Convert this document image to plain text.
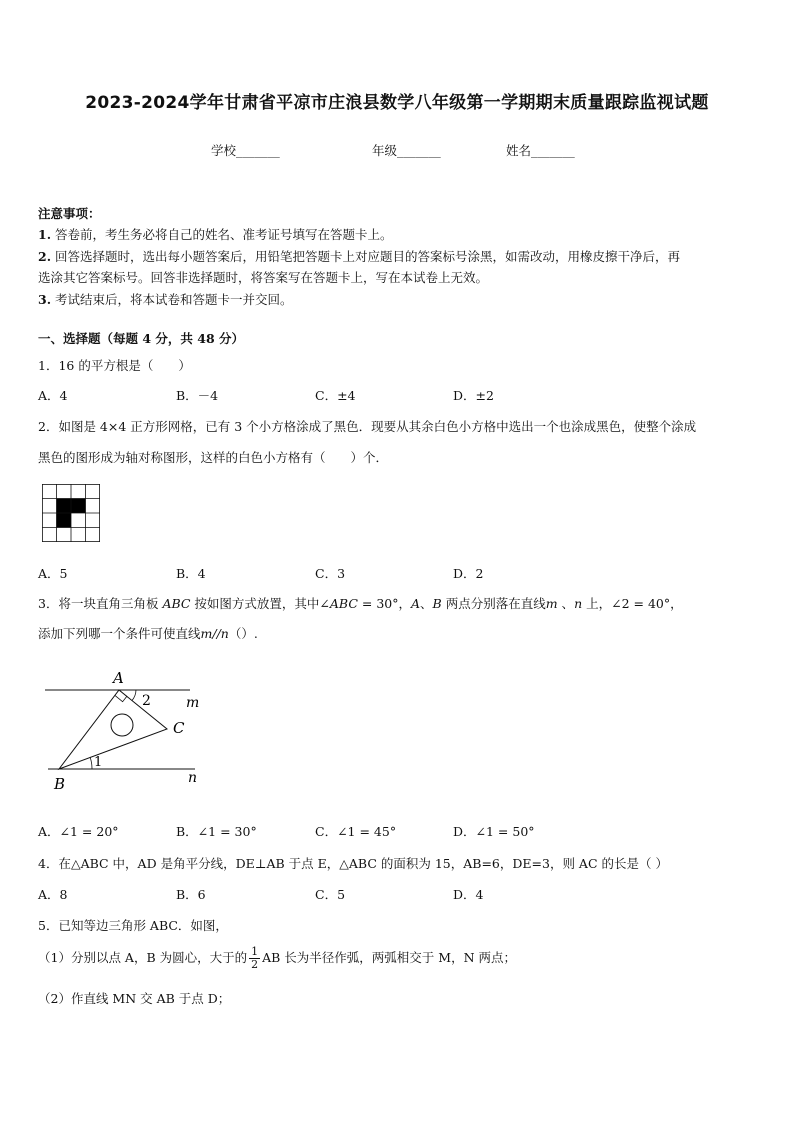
2023-2024学年甘肃省平凉市庄浪县数学八年级第一学期期末质量跟踪监视试题
学校_______	年级_______	姓名_______
注意事项：
1. 答卷前，考生务必将自己的姓名、准考证号填写在答题卡上。
2. 回答选择题时，选出每小题答案后，用铅笔把答题卡上对应题目的答案标号涂黑，如需改动，用橡皮擦干净后，再
选涂其它答案标号。回答非选择题时，将答案写在答题卡上，写在本试卷上无效。
3. 考试结束后，将本试卷和答题卡一并交回。
一、选择题（每题 4 分，共 48 分）
1．16 的平方根是（　　）
A．4	B．－4	C．±4	D．±2
2．如图是 4×4 正方形网格，已有 3 个小方格涂成了黑色．现要从其余白色小方格中选出一个也涂成黑色，使整个涂成
黑色的图形成为轴对称图形，这样的白色小方格有（　　）个．
A．5	B．4	C．3	D．2
3．将一块直角三角板 ABC 按如图方式放置，其中∠ABC = 30°，A、B 两点分别落在直线m 、n 上，∠2 = 40°，
添加下列哪一个条件可使直线m//n（）.
A
B
C
m
n
1
2
A．∠1 = 20°	B．∠1 = 30°	C．∠1 = 45°	D．∠1 = 50°
4．在△ABC 中，AD 是角平分线，DE⊥AB 于点 E，△ABC 的面积为 15，AB=6，DE=3，则 AC 的长是（ ）
A．8	B．6	C．5	D．4
5．已知等边三角形 ABC．如图，
（1）分别以点 A，B 为圆心，大于的 $\frac{1}{2}$ AB 长为半径作弧，两弧相交于 M，N 两点；
（2）作直线 MN 交 AB 于点 D；
